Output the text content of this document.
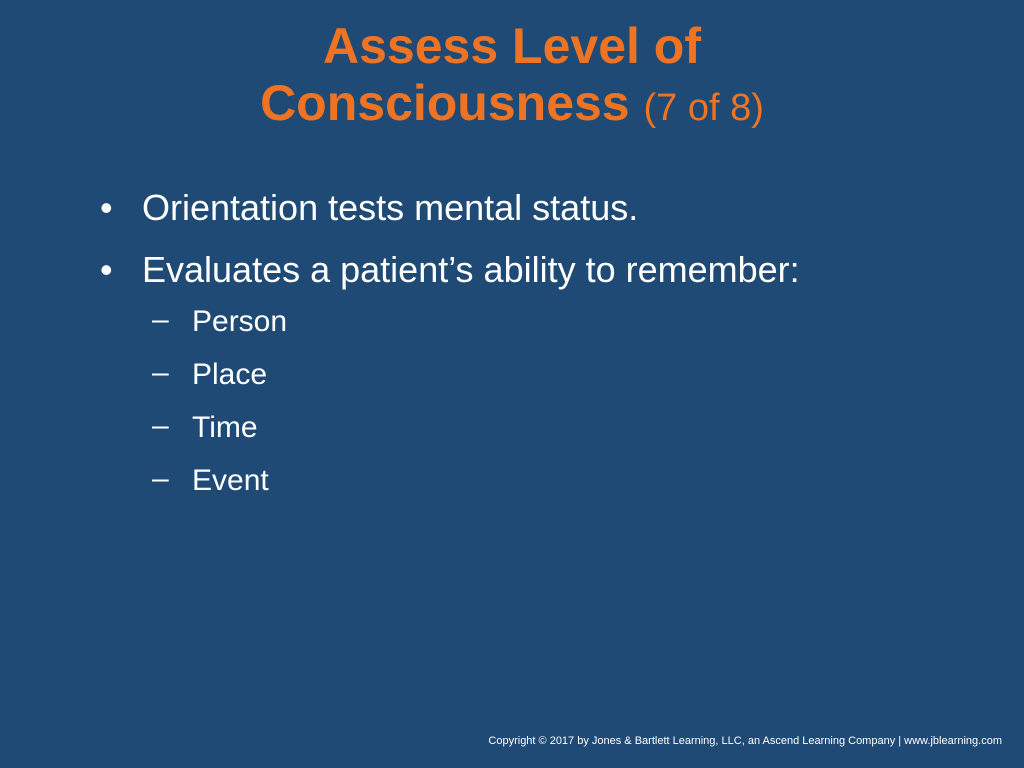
Assess Level of
Consciousness (7 of 8)
• Orientation tests mental status.
• Evaluates a patient’s ability to remember:
– Person
– Place
– Time
– Event
Copyright © 2017 by Jones & Bartlett Learning, LLC, an Ascend Learning Company | www.jblearning.com
